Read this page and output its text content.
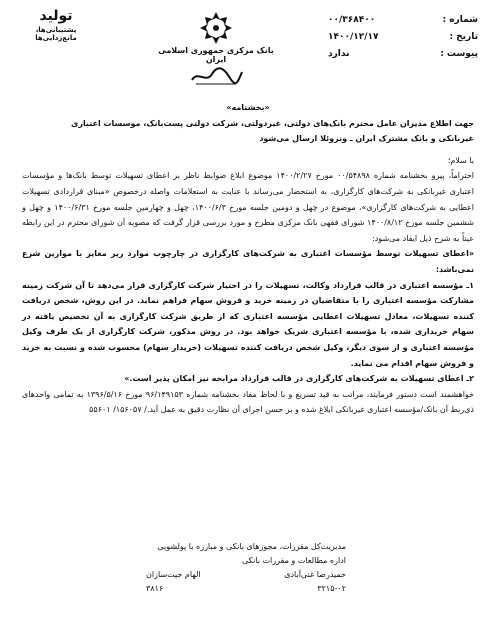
شماره :
۰۰/۳۶۸۴۰۰
تاریخ :
۱۴۰۰/۱۲/۱۷
پیوست :
ندارد
بانک مرکزی جمهوری اسلامی ایران
تولید
پشتیبانی‌ها، مانع‌زدایی‌ها

«بخشنامه»

جهت اطلاع مدیران عامل محترم بانک‌های دولتی، غیردولتی، شرکت دولتی پست‌بانک، موسسات اعتباری

غیربانکی و بانک مشترک ایران ـ ونزوئلا ارسال می‌شود

با سلام؛

احتراماً، پیرو بخشنامه شماره ۰۰/۵۴۸۹۸ مورخ ۱۴۰۰/۲/۲۷ موضوع ابلاغ ضوابط ناظر بر اعطای تسهیلات توسط بانک‌ها و مؤسسات اعتباری غیربانکی به شرکت‌های کارگزاری، به استحضار می‌رساند با عنایت به استعلامات واصله درخصوص «مبنای قراردادی تسهیلات اعطایی به شرکت‌های کارگزاری»، موضوع در چهل و دومین جلسه مورخ ۱۴۰۰/۶/۳، چهل و چهارمین جلسه مورخ ۱۴۰۰/۶/۳۱ و چهل و ششمین جلسه مورخ ۱۴۰۰/۸/۱۲ شورای فقهی بانک مرکزی مطرح و مورد بررسی قرار گرفت که مصوبه آن شورای محترم در این رابطه عیناً به شرح ذیل ایفاد می‌شود:

«اعطای تسهیلات توسط مؤسسات اعتباری به شرکت‌های کارگزاری در چارچوب موارد زیر مغایر با موازین شرع نمی‌باشد:

۱ـ مؤسسه اعتباری در قالب قرارداد وکالت، تسهیلات را در اختیار شرکت کارگزاری قرار می‌دهد تا آن شرکت زمینه مشارکت مؤسسه اعتباری را با متقاضیان در زمینه خرید و فروش سهام فراهم نماید. در این روش، شخص دریافت کننده تسهیلات، معادل تسهیلات اعطایی مؤسسه اعتباری که از طریق شرکت کارگزاری به آن تخصیص یافته در سهام خریداری شده، با مؤسسه اعتباری شریک خواهد بود. در روش مذکور، شرکت کارگزاری از یک طرف وکیل مؤسسه اعتباری و از سوی دیگر، وکیل شخص دریافت کننده تسهیلات (خریدار سهام) محسوب شده و نسبت به خرید و فروش سهام اقدام می نماید.

۲ـ اعطای تسهیلات به شرکت‌های کارگزاری در قالب قرارداد مرابحه نیز امکان پذیر است.»

خواهشمند است دستور فرمایند، مراتب به قید تسریع و با لحاظ مفاد بخشنامه شماره ۹۶/۱۴۹۱۵۳ مورخ ۱۳۹۶/۵/۱۶ به تمامی واحدهای ذی‌ربط آن بانک/مؤسسه اعتباری غیربانکی ابلاغ شده و بر حسن اجرای آن نظارت دقیق به عمل آید./ ۱۵۶۰۵۷/ ۵۵۶۰۱

مدیریت‌کل مقررات، مجوزهای بانکی و مبارزه با پولشویی
اداره مطالعات و مقررات بانکی
حمیدرضا غنی‌آبادی
الهام جیت‌سازان
۳۲۱۵-۰۲
۳۸۱۶
